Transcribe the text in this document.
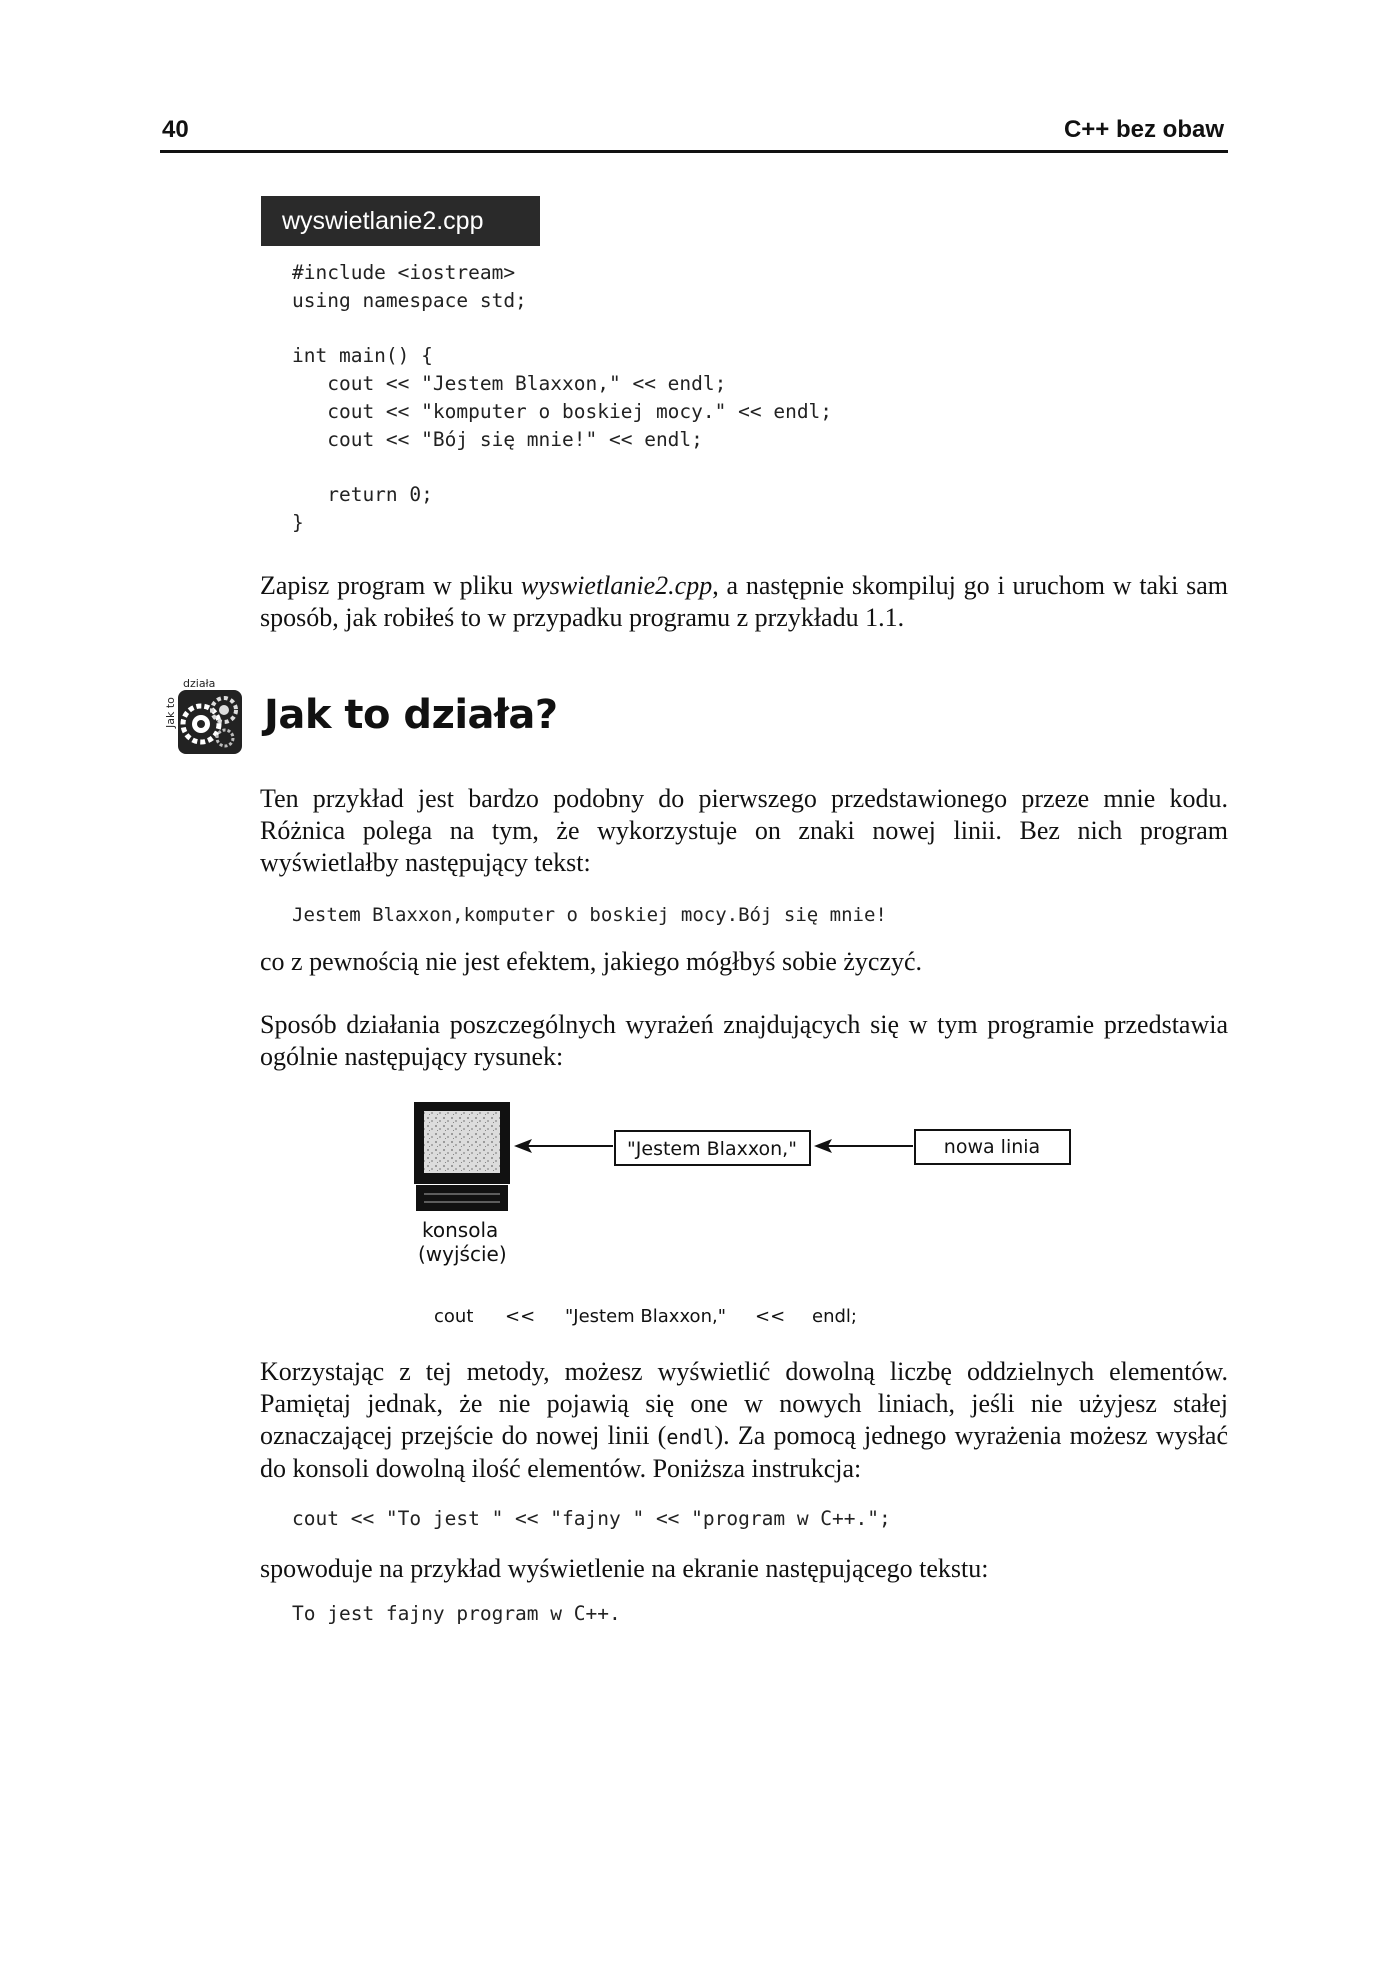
40	C++ bez obaw
wyswietlanie2.cpp
#include <iostream>
using namespace std;

int main() {
cout << "Jestem Blaxxon," << endl;
cout << "komputer o boskiej mocy." << endl;
cout << "Bój się mnie!" << endl;

return 0;
}

Zapisz program w pliku wyswietlanie2.cpp, a następnie skompiluj go i uruchom w taki sam sposób, jak robiłeś to w przypadku programu z przykładu 1.1.

działa
Jak to Jak to działa?

Ten przykład jest bardzo podobny do pierwszego przedstawionego przeze mnie kodu. Różnica polega na tym, że wykorzystuje on znaki nowej linii. Bez nich program wyświetlałby następujący tekst:

Jestem Blaxxon,komputer o boskiej mocy.Bój się mnie!

co z pewnością nie jest efektem, jakiego mógłbyś sobie życzyć.

Sposób działania poszczególnych wyrażeń znajdujących się w tym programie przedstawia ogólnie następujący rysunek:

konsola
(wyjście)
"Jestem Blaxxon,"	nowa linia
cout << "Jestem Blaxxon," << endl;

Korzystając z tej metody, możesz wyświetlić dowolną liczbę oddzielnych elementów. Pamiętaj jednak, że nie pojawią się one w nowych liniach, jeśli nie użyjesz stałej oznaczającej przejście do nowej linii (endl). Za pomocą jednego wyrażenia możesz wysłać do konsoli dowolną ilość elementów. Poniższa instrukcja:

cout << "To jest " << "fajny " << "program w C++.";

spowoduje na przykład wyświetlenie na ekranie następującego tekstu:

To jest fajny program w C++.
